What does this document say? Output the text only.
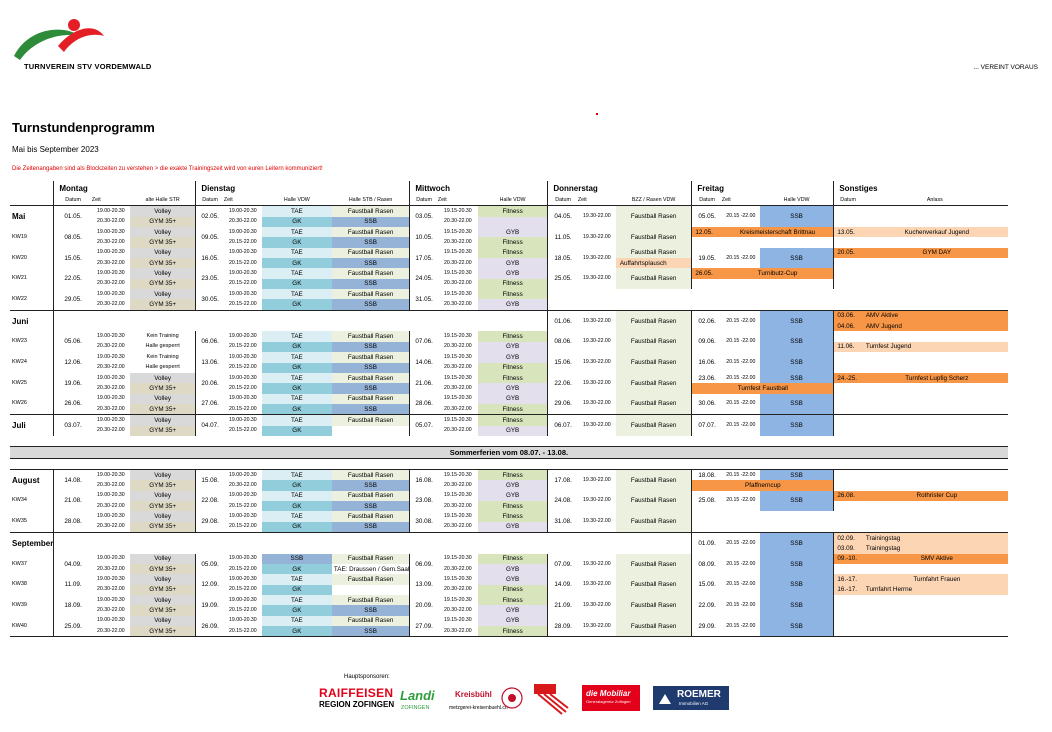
TURNVEREIN STV VORDEMWALD	... VEREINT VORAUS
Turnstundenprogramm
Mai bis September 2023
Die Zeitenangaben sind als Blockzeiten zu verstehen > die exakte Trainingszeit wird von euren Leitern kommuniziert!
	Montag			Dienstag				Mittwoch			Donnerstag			Freitag			Sonstiges	
	Datum	Zeit	alte Halle STR	Datum	Zeit	Halle VDW	Halle STB / Rasen	Datum	Zeit	Halle VDW	Datum	Zeit	BZZ / Rasen VDW	Datum	Zeit	Halle VDW	Datum	Anlass
Mai	01.05.	19.00-20.30	Volley	02.05.	19.00-20.30	TAE	Faustball Rasen	03.05.	19.15-20.30	Fitness	04.05.	19.30-22.00	Faustball Rasen	05.05.	20.15 -22.00	SSB		
		20.30-22.00	GYM 35+		20.30-22.00	GK	SSB		20.30-22.00									
KW19	08.05.	19.00-20.30	Volley	09.05.	19.00-20.30	TAE	Faustball Rasen	10.05.	19.15-20.30	GYB	11.05.	19.30-22.00	Faustball Rasen	12.05.	Kreismeisterschaft Brittnau		13.05.	Kuchenverkauf Jugend
		20.30-22.00	GYM 35+		20.15-22.00	GK	SSB		20.30-22.00	Fitness								
KW20	15.05.	19.00-20.30	Volley	16.05.	19.00-20.30	TAE	Faustball Rasen	17.05.	19.15-20.30	Fitness	18.05.	19.30-22.00	Faustball Rasen	19.05.	20.15 -22.00	SSB	20.05.	GYM DAY
		20.30-22.00	GYM 35+		20.15-22.00	GK	SSB		20.30-22.00	GYB			Auffahrtsplausch					
KW21	22.05.	19.00-20.30	Volley	23.05.	19.00-20.30	TAE	Faustball Rasen	24.05.	19.15-20.30	GYB	25.05.	19.30-22.00	Faustball Rasen	26.05.	Turnibutz-Cup			
		20.30-22.00	GYM 35+		20.15-22.00	GK	SSB		20.30-22.00	Fitness								
KW22	29.05.	19.00-20.30	Volley	30.05.	19.00-20.30	TAE	Faustball Rasen	31.05.	19.15-20.30	Fitness								
		20.30-22.00	GYM 35+		20.15-22.00	GK	SSB		20.30-22.00	GYB								
Juni											01.06.	19.30-22.00	Faustball Rasen	02.06.	20.15 -22.00	SSB	03.06.	AMV Aktive
																	04.06.	AMV Jugend
KW23	05.06.	19.00-20.30	Kein Training	06.06.	19.00-20.30	TAE	Faustball Rasen	07.06.	19.15-20.30	Fitness	08.06.	19.30-22.00	Faustball Rasen	09.06.	20.15 -22.00	SSB		
		20.30-22.00	Halle gesperrt		20.15-22.00	GK	SSB		20.30-22.00	GYB							11.06.	Turnfest Jugend
KW24	12.06.	19.00-20.30	Kein Training	13.06.	19.00-20.30	TAE	Faustball Rasen	14.06.	19.15-20.30	GYB	15.06.	19.30-22.00	Faustball Rasen	16.06.	20.15 -22.00	SSB		
		20.30-22.00	Halle gesperrt		20.15-22.00	GK	SSB		20.30-22.00	Fitness								
KW25	19.06.	19.00-20.30	Volley	20.06.	19.00-20.30	TAE	Faustball Rasen	21.06.	19.15-20.30	Fitness	22.06.	19.30-22.00	Faustball Rasen	23.06.	20.15 -22.00	SSB	24.-25.	Turnfest Lupfig Scherz
		20.30-22.00	GYM 35+		20.15-22.00	GK	SSB		20.30-22.00	GYB				Turnfest Faustball				
KW26	26.06.	19.00-20.30	Volley	27.06.	19.00-20.30	TAE	Faustball Rasen	28.06.	19.15-20.30	GYB	29.06.	19.30-22.00	Faustball Rasen	30.06.	20.15 -22.00	SSB		
		20.30-22.00	GYM 35+		20.15-22.00	GK	SSB		20.30-22.00	Fitness								
Juli	03.07.	19.00-20.30	Volley	04.07.	19.00-20.30	TAE	Faustball Rasen	05.07.	19.15-20.30	Fitness	06.07.	19.30-22.00	Faustball Rasen	07.07.	20.15 -22.00	SSB		
		20.30-22.00	GYM 35+		20.15-22.00	GK			20.30-22.00	GYB								

Sommerferien vom 08.07. - 13.08.																		

August	14.08.	19.00-20.30	Volley	15.08.	19.00-20.30	TAE	Faustball Rasen	16.08.	19.15-20.30	Fitness	17.08.	19.30-22.00	Faustball Rasen	18.08.	20.15 -22.00	SSB		
		20.30-22.00	GYM 35+		20.30-22.00	GK	SSB		20.30-22.00	GYB				Pfaffnerncup				
KW34	21.08.	19.00-20.30	Volley	22.08.	19.00-20.30	TAE	Faustball Rasen	23.08.	19.15-20.30	GYB	24.08.	19.30-22.00	Faustball Rasen	25.08.	20.15 -22.00	SSB	26.08.	Rothrister Cup
		20.30-22.00	GYM 35+		20.15-22.00	GK	SSB		20.30-22.00	Fitness								
KW35	28.08.	19.00-20.30	Volley	29.08.	19.00-20.30	TAE	Faustball Rasen	30.08.	19.15-20.30	Fitness	31.08.	19.30-22.00	Faustball Rasen					
		20.30-22.00	GYM 35+		20.15-22.00	GK	SSB		20.30-22.00	GYB								
September														01.09.	20.15 -22.00	SSB	02.09.	Trainingstag
																	03.09.	Trainingstag
KW37	04.09.	19.00-20.30	Volley	05.09.	19.00-20.30	SSB	Faustball Rasen	06.09.	19.15-20.30	Fitness	07.09.	19.30-22.00	Faustball Rasen	08.09.	20.15 -22.00	SSB	09.-10.	SMV Aktive
		20.30-22.00	GYM 35+		20.15-22.00	GK	TAE: Draussen / Gem.Saal		20.30-22.00	GYB								
KW38	11.09.	19.00-20.30	Volley	12.09.	19.00-20.30	TAE	Faustball Rasen	13.09.	19.15-20.30	GYB	14.09.	19.30-22.00	Faustball Rasen	15.09.	20.15 -22.00	SSB	16.-17.	Turnfahrt Frauen
		20.30-22.00	GYM 35+		20.15-22.00	GK			20.30-22.00	Fitness							16.-17.	Turnfahrt Herrne
KW39	18.09.	19.00-20.30	Volley	19.09.	19.00-20.30	TAE	Faustball Rasen	20.09.	19.15-20.30	Fitness	21.09.	19.30-22.00	Faustball Rasen	22.09.	20.15 -22.00	SSB		
		20.30-22.00	GYM 35+		20.15-22.00	GK	SSB		20.30-22.00	GYB								
KW40	25.09.	19.00-20.30	Volley	26.09.	19.00-20.30	TAE	Faustball Rasen	27.09.	19.15-20.30	GYB	28.09.	19.30-22.00	Faustball Rasen	29.09.	20.15 -22.00	SSB		
		20.30-22.00	GYM 35+		20.15-22.00	GK	SSB		20.30-22.00	Fitness								
Hauptsponsoren:
RAIFFEISEN
REGION ZOFINGEN
Landi
ZOFINGEN
Kreisbühl
metzgerei-kreisenbuehl.ch
die Mobiliar
Generalagentur Zofingen
ROEMER
Immobilien AG
